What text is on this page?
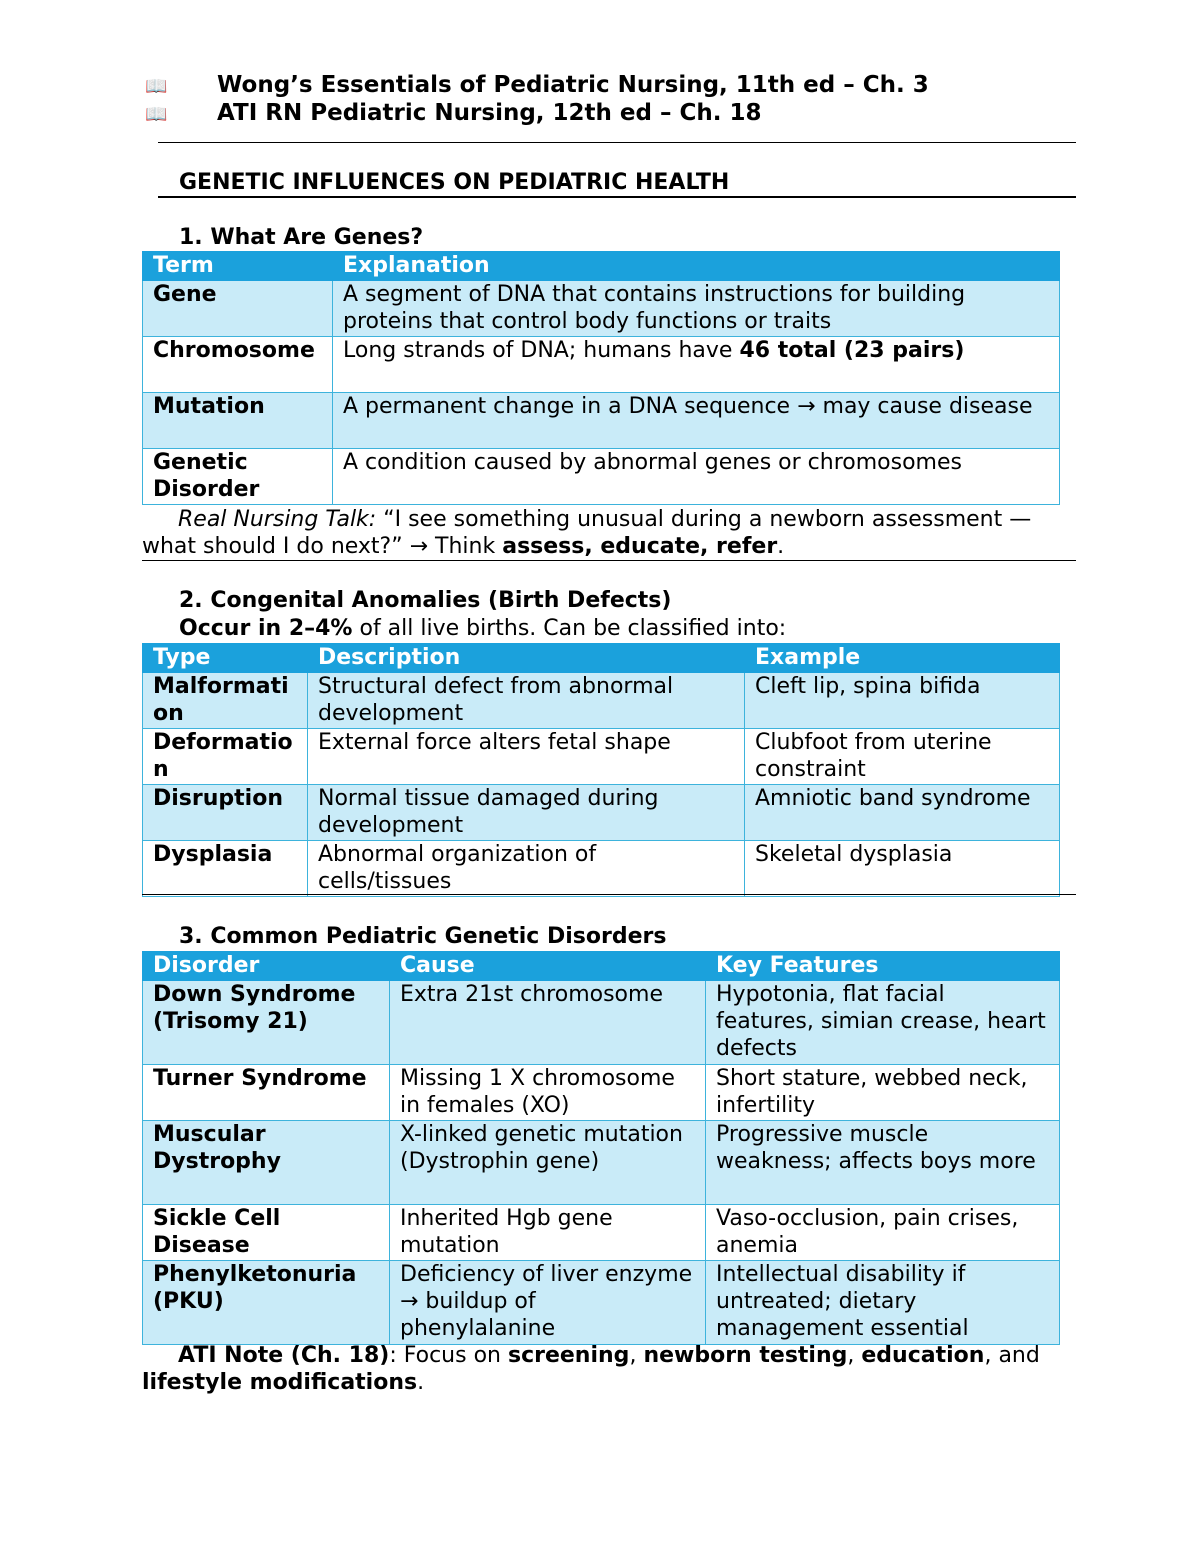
📖 Wong’s Essentials of Pediatric Nursing, 11th ed – Ch. 3
📖 ATI RN Pediatric Nursing, 12th ed – Ch. 18
GENETIC INFLUENCES ON PEDIATRIC HEALTH
1. What Are Genes?
Term	Explanation
Gene	A segment of DNA that contains instructions for building proteins that control body functions or traits
Chromosome	Long strands of DNA; humans have 46 total (23 pairs)
Mutation	A permanent change in a DNA sequence → may cause disease
Genetic Disorder	A condition caused by abnormal genes or chromosomes
Real Nursing Talk: “I see something unusual during a newborn assessment — what should I do next?” → Think assess, educate, refer.
2. Congenital Anomalies (Birth Defects)
Occur in 2–4% of all live births. Can be classified into:
Type	Description	Example
Malformation	Structural defect from abnormal development	Cleft lip, spina bifida
Deformation	External force alters fetal shape	Clubfoot from uterine constraint
Disruption	Normal tissue damaged during development	Amniotic band syndrome
Dysplasia	Abnormal organization of cells/tissues	Skeletal dysplasia
3. Common Pediatric Genetic Disorders
Disorder	Cause	Key Features
Down Syndrome (Trisomy 21)	Extra 21st chromosome	Hypotonia, flat facial features, simian crease, heart defects
Turner Syndrome	Missing 1 X chromosome in females (XO)	Short stature, webbed neck, infertility
Muscular Dystrophy	X-linked genetic mutation (Dystrophin gene)	Progressive muscle weakness; affects boys more
Sickle Cell Disease	Inherited Hgb gene mutation	Vaso-occlusion, pain crises, anemia
Phenylketonuria (PKU)	Deficiency of liver enzyme → buildup of phenylalanine	Intellectual disability if untreated; dietary management essential
ATI Note (Ch. 18): Focus on screening, newborn testing, education, and lifestyle modifications.
